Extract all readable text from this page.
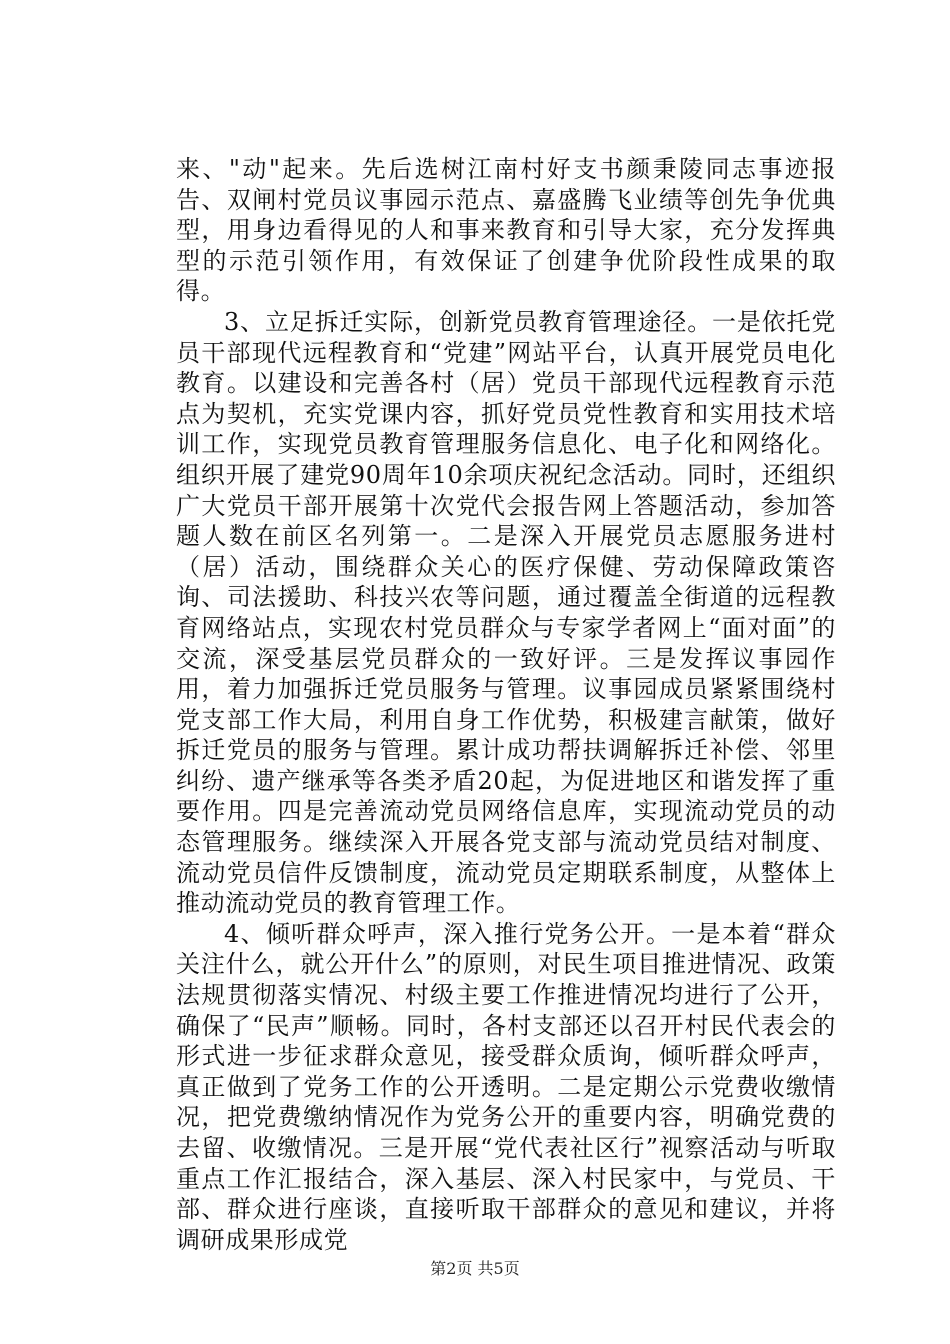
来、"动"起来。先后选树江南村好支书颜秉陵同志事迹报告、双闸村党员议事园示范点、嘉盛腾飞业绩等创先争优典型，用身边看得见的人和事来教育和引导大家，充分发挥典型的示范引领作用，有效保证了创建争优阶段性成果的取得。

3、立足拆迁实际，创新党员教育管理途径。一是依托党员干部现代远程教育和“党建”网站平台，认真开展党员电化教育。以建设和完善各村（居）党员干部现代远程教育示范点为契机，充实党课内容，抓好党员党性教育和实用技术培训工作，实现党员教育管理服务信息化、电子化和网络化。组织开展了建党90周年10余项庆祝纪念活动。同时，还组织广大党员干部开展第十次党代会报告网上答题活动，参加答题人数在前区名列第一。二是深入开展党员志愿服务进村（居）活动，围绕群众关心的医疗保健、劳动保障政策咨询、司法援助、科技兴农等问题，通过覆盖全街道的远程教育网络站点，实现农村党员群众与专家学者网上“面对面”的交流，深受基层党员群众的一致好评。三是发挥议事园作用，着力加强拆迁党员服务与管理。议事园成员紧紧围绕村党支部工作大局，利用自身工作优势，积极建言献策，做好拆迁党员的服务与管理。累计成功帮扶调解拆迁补偿、邻里纠纷、遗产继承等各类矛盾20起，为促进地区和谐发挥了重要作用。四是完善流动党员网络信息库，实现流动党员的动态管理服务。继续深入开展各党支部与流动党员结对制度、流动党员信件反馈制度，流动党员定期联系制度，从整体上推动流动党员的教育管理工作。

4、倾听群众呼声，深入推行党务公开。一是本着“群众关注什么，就公开什么”的原则，对民生项目推进情况、政策法规贯彻落实情况、村级主要工作推进情况均进行了公开，确保了“民声”顺畅。同时，各村支部还以召开村民代表会的形式进一步征求群众意见，接受群众质询，倾听群众呼声，真正做到了党务工作的公开透明。二是定期公示党费收缴情况，把党费缴纳情况作为党务公开的重要内容，明确党费的去留、收缴情况。三是开展“党代表社区行”视察活动与听取重点工作汇报结合，深入基层、深入村民家中，与党员、干部、群众进行座谈，直接听取干部群众的意见和建议，并将调研成果形成党

第2页 共5页
